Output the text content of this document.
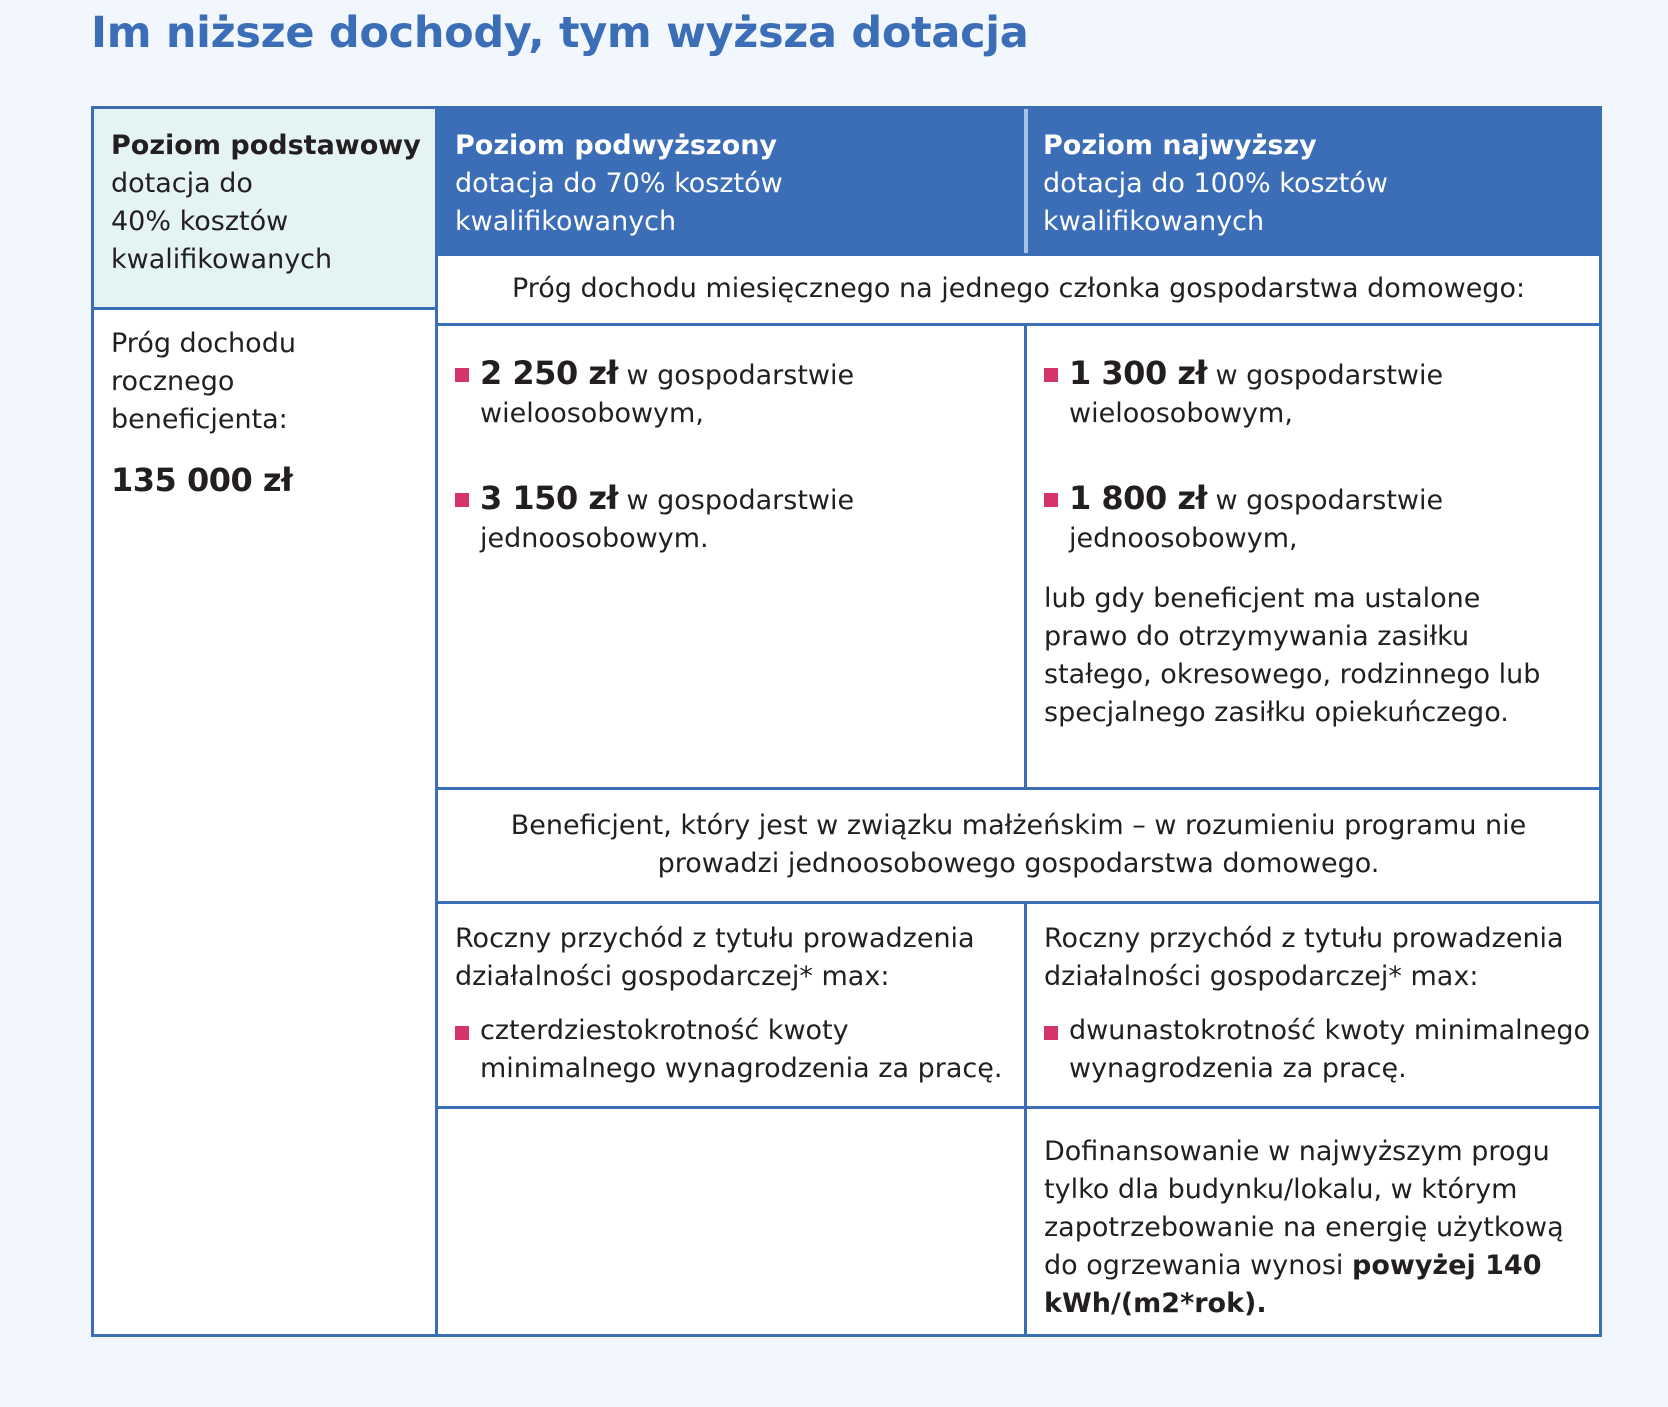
Im niższe dochody, tym wyższa dotacja
Poziom podstawowy
dotacja do
40% kosztów
kwalifikowanych
Poziom podwyższony
dotacja do 70% kosztów
kwalifikowanych
Poziom najwyższy
dotacja do 100% kosztów
kwalifikowanych
Próg dochodu miesięcznego na jednego członka gospodarstwa domowego:
Próg dochodu
rocznego
beneficjenta:
135 000 zł
2 250 zł w gospodarstwie
wieloosobowym,
3 150 zł w gospodarstwie
jednoosobowym.
1 300 zł w gospodarstwie
wieloosobowym,
1 800 zł w gospodarstwie
jednoosobowym,
lub gdy beneficjent ma ustalone
prawo do otrzymywania zasiłku
stałego, okresowego, rodzinnego lub
specjalnego zasiłku opiekuńczego.
Beneficjent, który jest w związku małżeńskim – w rozumieniu programu nie
prowadzi jednoosobowego gospodarstwa domowego.
Roczny przychód z tytułu prowadzenia
działalności gospodarczej* max:
czterdziestokrotność kwoty
minimalnego wynagrodzenia za pracę.
Roczny przychód z tytułu prowadzenia
działalności gospodarczej* max:
dwunastokrotność kwoty minimalnego
wynagrodzenia za pracę.
Dofinansowanie w najwyższym progu
tylko dla budynku/lokalu, w którym
zapotrzebowanie na energię użytkową
do ogrzewania wynosi powyżej 140
kWh/(m2*rok).
